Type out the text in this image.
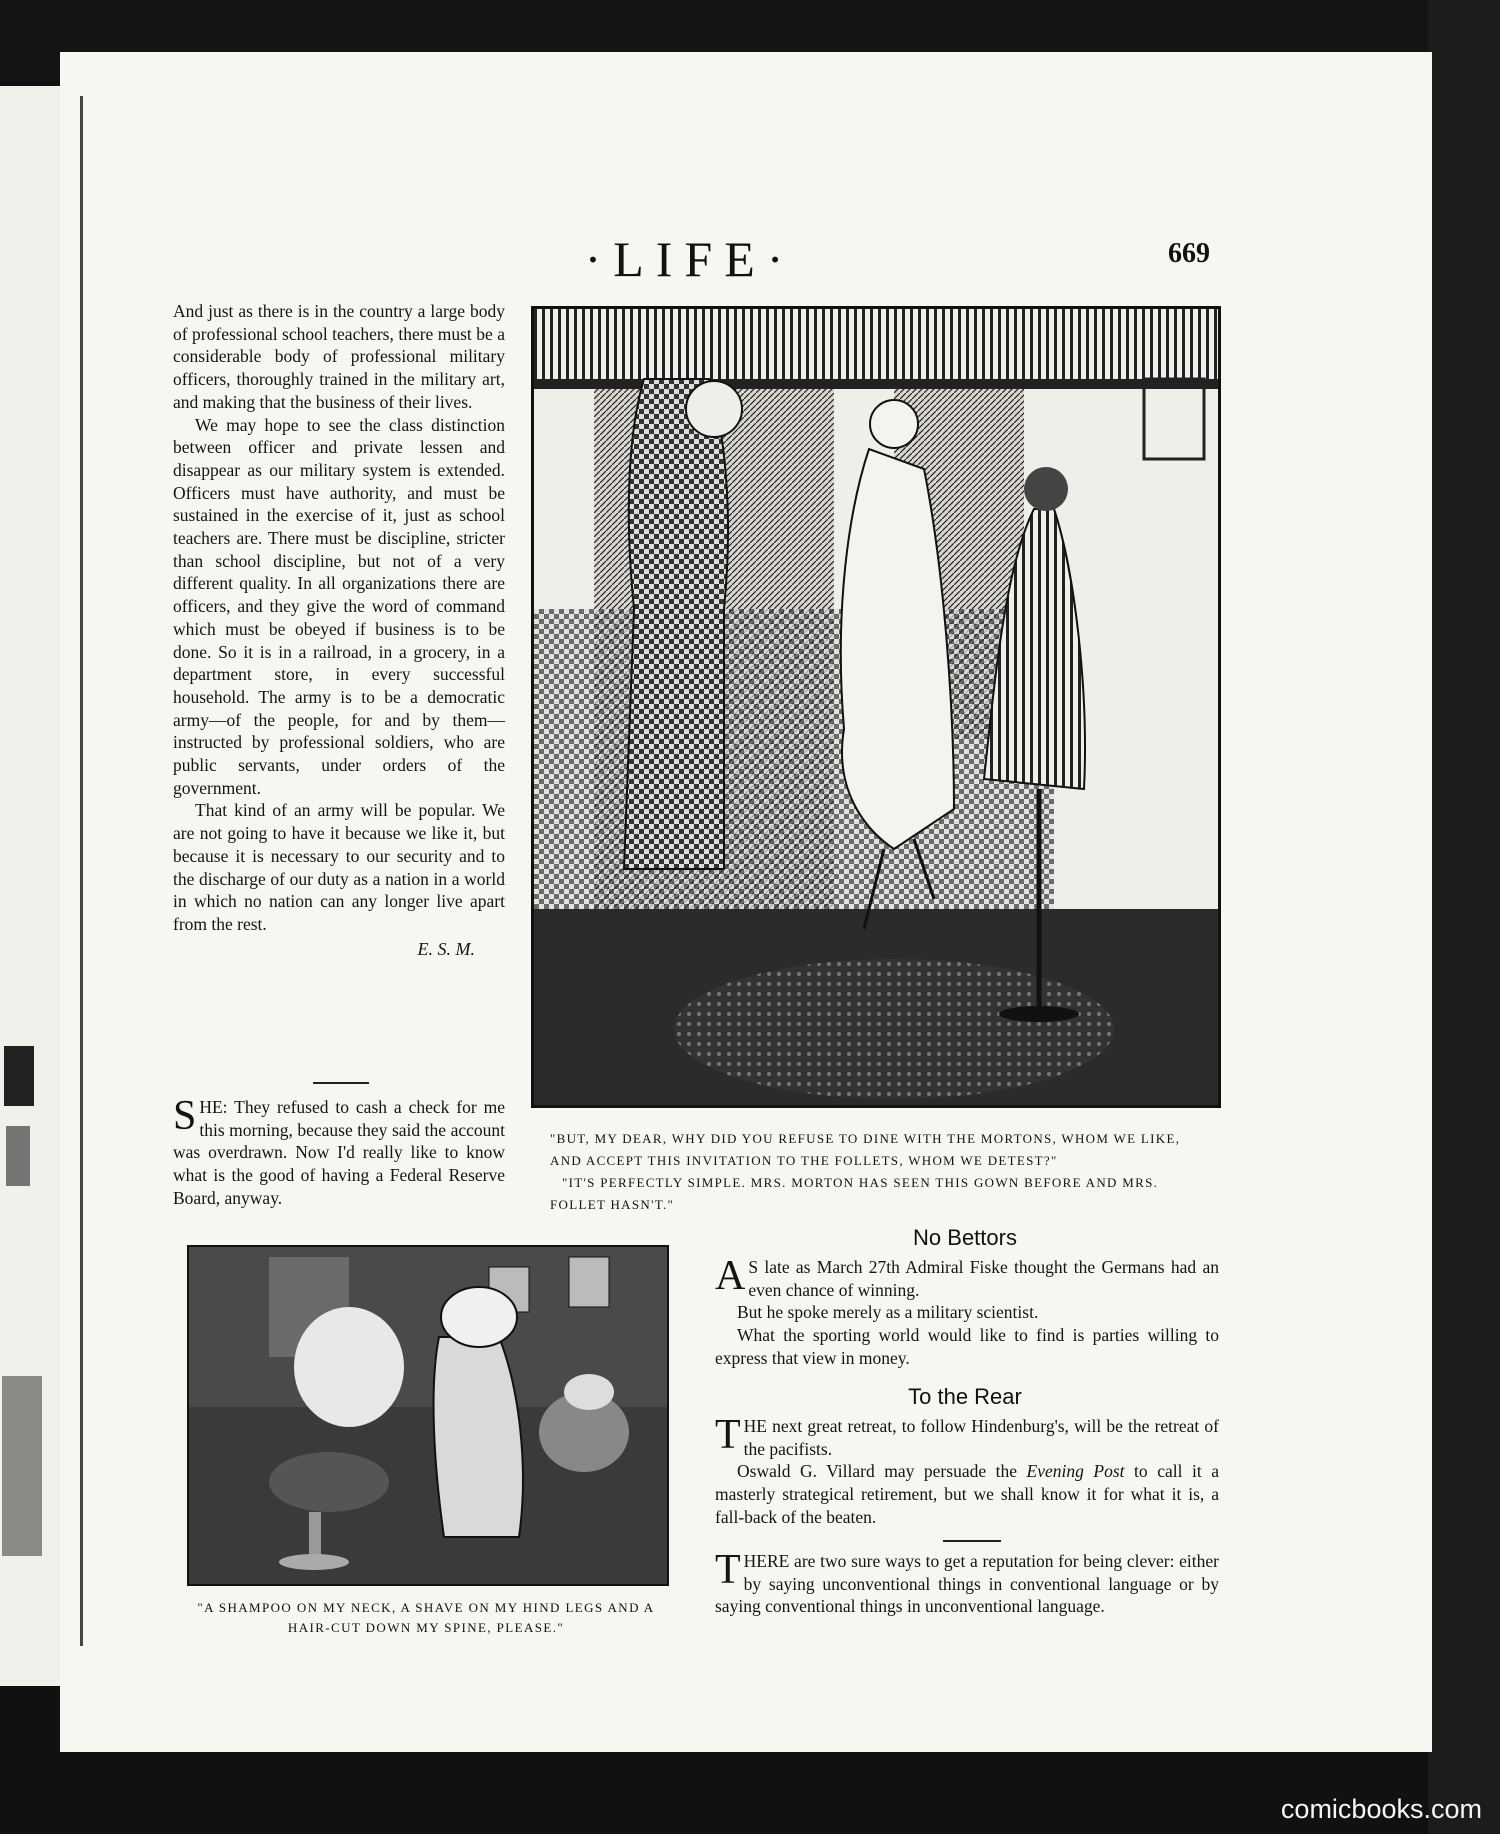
·LIFE·	669

And just as there is in the country a large body of professional school teachers, there must be a considerable body of professional military officers, thoroughly trained in the military art, and making that the business of their lives.

We may hope to see the class distinction between officer and private lessen and disappear as our military system is extended. Officers must have authority, and must be sustained in the exercise of it, just as school teachers are. There must be discipline, stricter than school discipline, but not of a very different quality. In all organizations there are officers, and they give the word of command which must be obeyed if business is to be done. So it is in a railroad, in a grocery, in a department store, in every successful household. The army is to be a democratic army—of the people, for and by them—instructed by professional soldiers, who are public servants, under orders of the government.

That kind of an army will be popular. We are not going to have it because we like it, but because it is necessary to our security and to the discharge of our duty as a nation in a world in which no nation can any longer live apart from the rest.

E. S. M.

SHE: They refused to cash a check for me this morning, because they said the account was overdrawn. Now I'd really like to know what is the good of having a Federal Reserve Board, anyway.

"BUT, MY DEAR, WHY DID YOU REFUSE TO DINE WITH THE MORTONS, WHOM WE LIKE, AND ACCEPT THIS INVITATION TO THE FOLLETS, WHOM WE DETEST?"

"IT'S PERFECTLY SIMPLE. MRS. MORTON HAS SEEN THIS GOWN BEFORE AND MRS. FOLLET HASN'T."

"A SHAMPOO ON MY NECK, A SHAVE ON MY HIND LEGS AND A HAIR-CUT DOWN MY SPINE, PLEASE."
No Bettors

A S late as March 27th Admiral Fiske thought the Germans had an even chance of winning.

But he spoke merely as a military scientist.

What the sporting world would like to find is parties willing to express that view in money.

To the Rear

THE next great retreat, to follow Hindenburg's, will be the retreat of the pacifists.

Oswald G. Villard may persuade the Evening Post to call it a masterly strategical retirement, but we shall know it for what it is, a fall-back of the beaten.

THERE are two sure ways to get a reputation for being clever: either by saying unconventional things in conventional language or by saying conventional things in unconventional language.

comicbooks.com
